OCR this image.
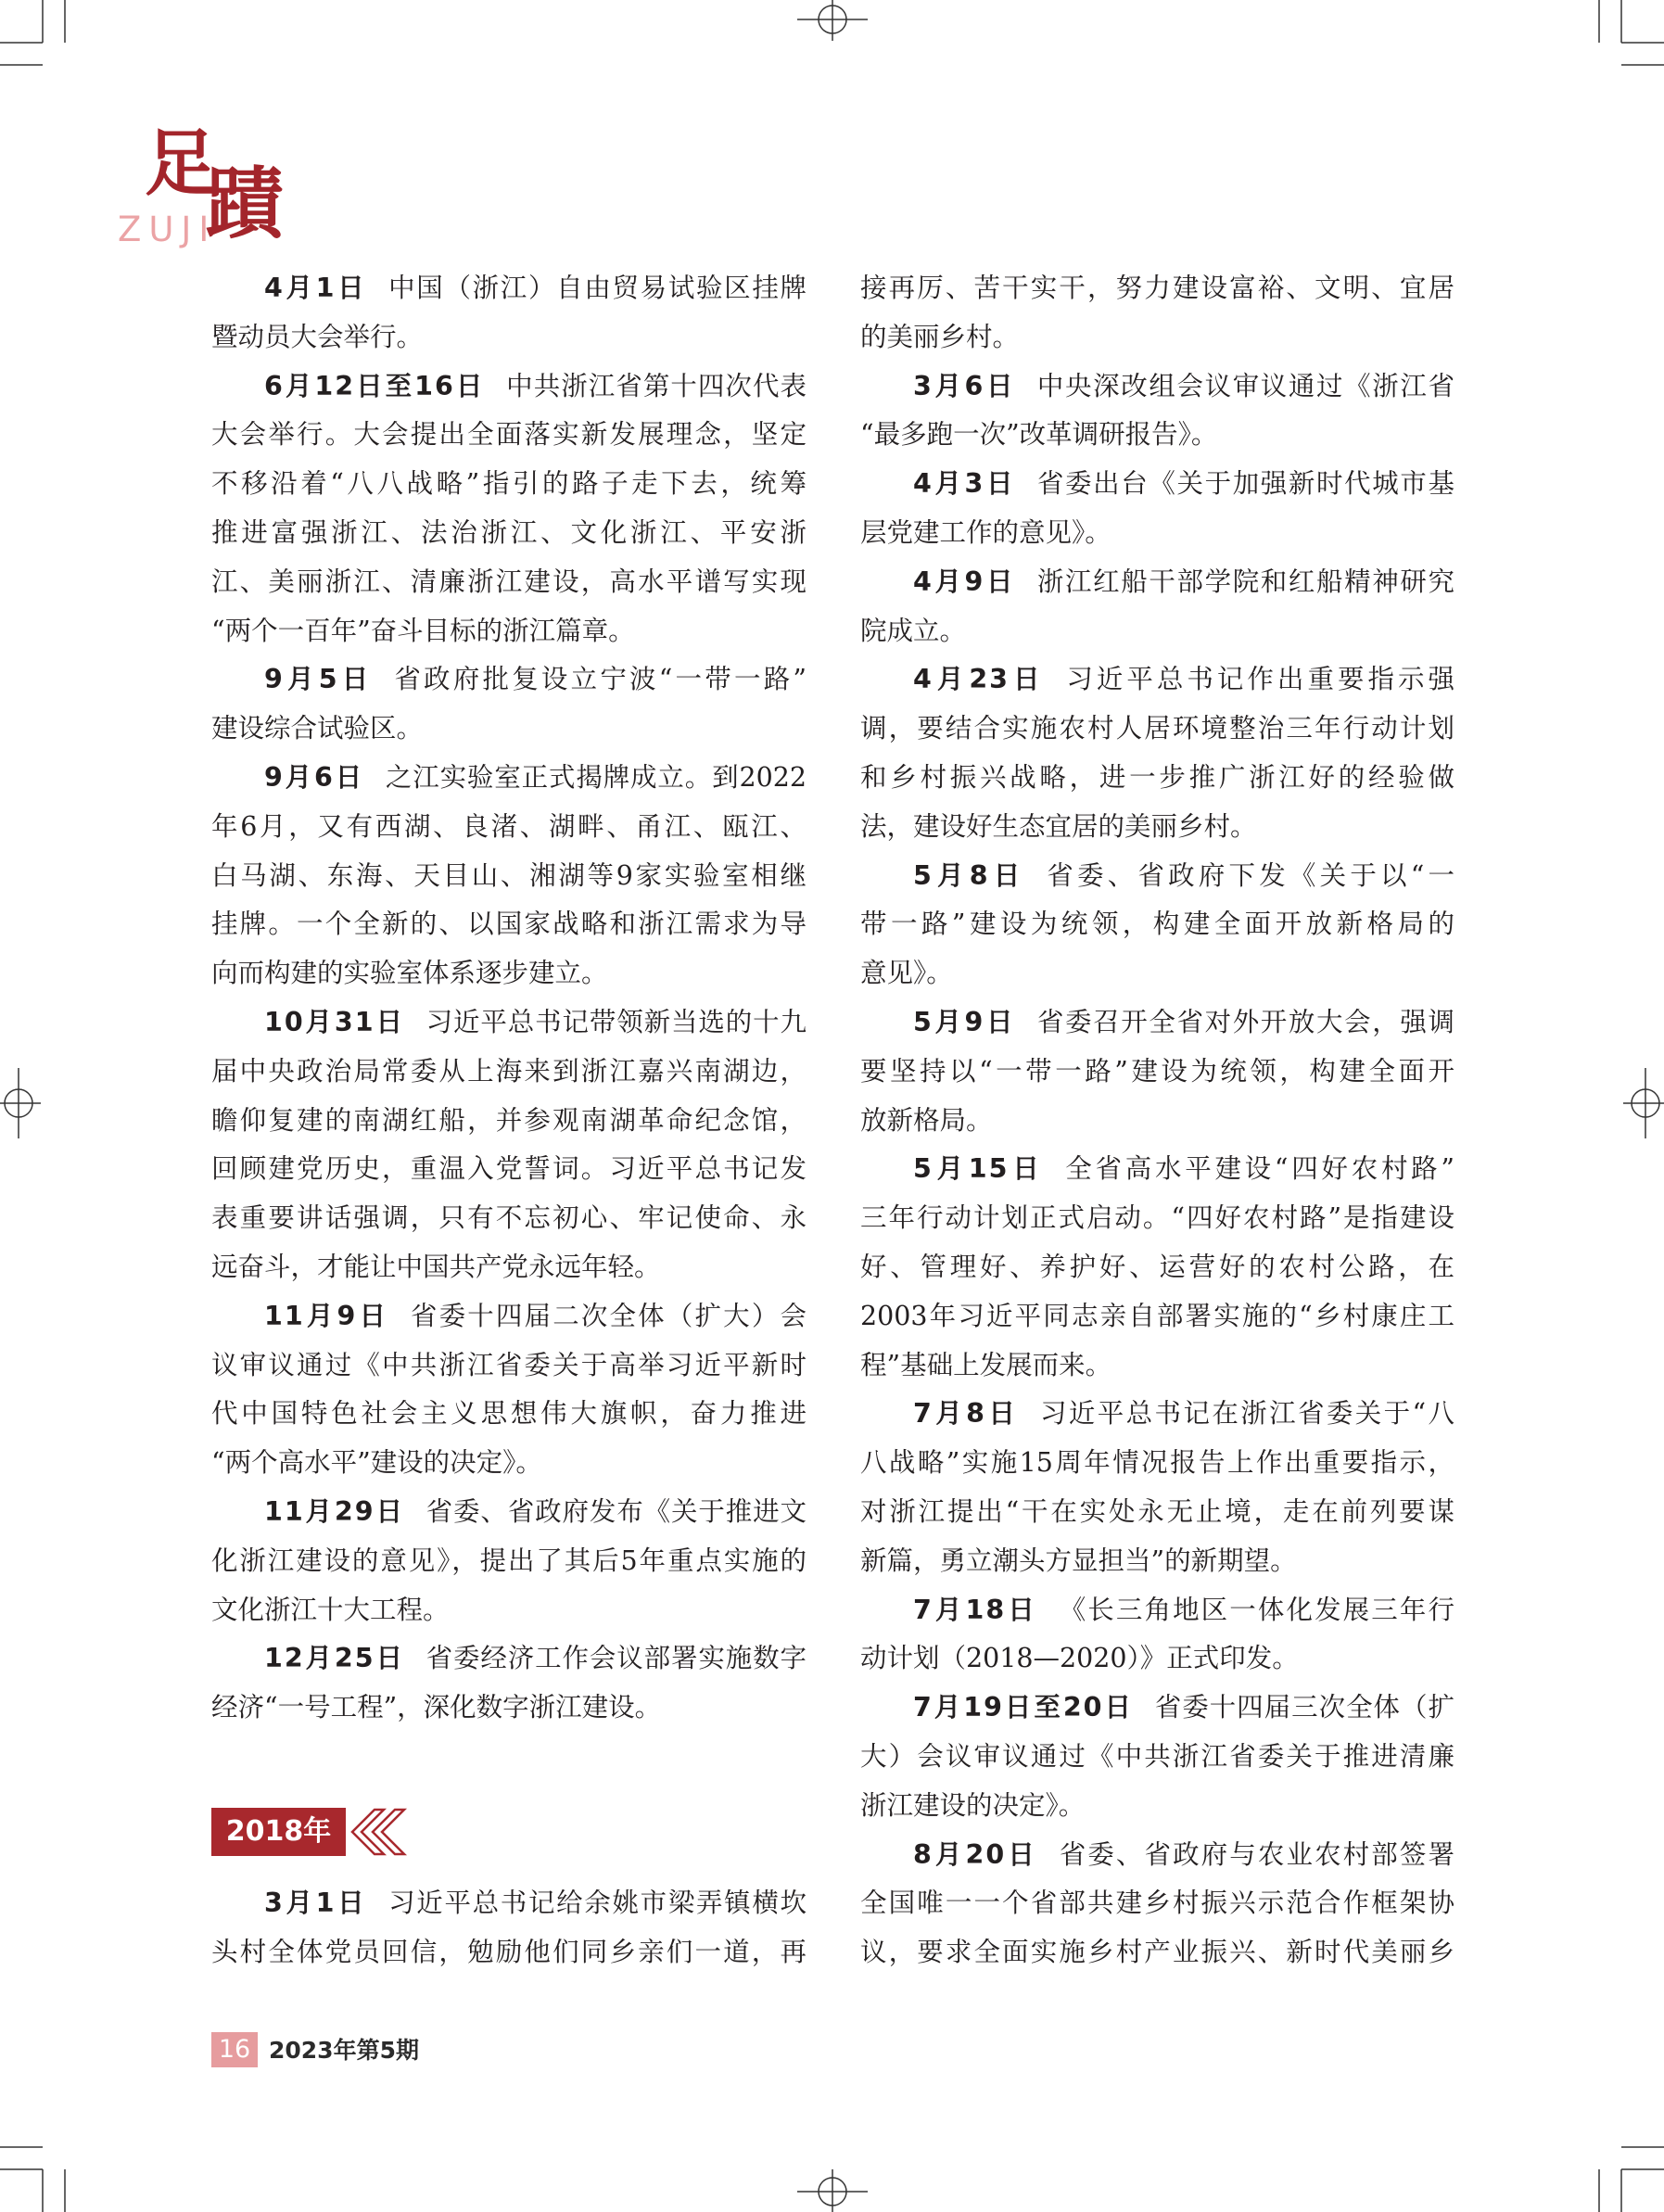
足
蹟
ZUJI
4月1日 中国（浙江）自由贸易试验区挂牌
暨动员大会举行。
6月12日至16日 中共浙江省第十四次代表
大会举行。大会提出全面落实新发展理念，坚定
不移沿着“八八战略”指引的路子走下去，统筹
推进富强浙江、法治浙江、文化浙江、平安浙
江、美丽浙江、清廉浙江建设，高水平谱写实现
“两个一百年”奋斗目标的浙江篇章。
9月5日 省政府批复设立宁波“一带一路”
建设综合试验区。
9月6日 之江实验室正式揭牌成立。到2022
年6月，又有西湖、良渚、湖畔、甬江、瓯江、
白马湖、东海、天目山、湘湖等9家实验室相继
挂牌。一个全新的、以国家战略和浙江需求为导
向而构建的实验室体系逐步建立。
10月31日 习近平总书记带领新当选的十九
届中央政治局常委从上海来到浙江嘉兴南湖边，
瞻仰复建的南湖红船，并参观南湖革命纪念馆，
回顾建党历史，重温入党誓词。习近平总书记发
表重要讲话强调，只有不忘初心、牢记使命、永
远奋斗，才能让中国共产党永远年轻。
11月9日 省委十四届二次全体（扩大）会
议审议通过《中共浙江省委关于高举习近平新时
代中国特色社会主义思想伟大旗帜，奋力推进
“两个高水平”建设的决定》。
11月29日 省委、省政府发布《关于推进文
化浙江建设的意见》，提出了其后5年重点实施的
文化浙江十大工程。
12月25日 省委经济工作会议部署实施数字
经济“一号工程”，深化数字浙江建设。
2018年
3月1日 习近平总书记给余姚市梁弄镇横坎
头村全体党员回信，勉励他们同乡亲们一道，再
接再厉、苦干实干，努力建设富裕、文明、宜居
的美丽乡村。
3月6日 中央深改组会议审议通过《浙江省
“最多跑一次”改革调研报告》。
4月3日 省委出台《关于加强新时代城市基
层党建工作的意见》。
4月9日 浙江红船干部学院和红船精神研究
院成立。
4月23日 习近平总书记作出重要指示强
调，要结合实施农村人居环境整治三年行动计划
和乡村振兴战略，进一步推广浙江好的经验做
法，建设好生态宜居的美丽乡村。
5月8日 省委、省政府下发《关于以“一
带一路”建设为统领，构建全面开放新格局的
意见》。
5月9日 省委召开全省对外开放大会，强调
要坚持以“一带一路”建设为统领，构建全面开
放新格局。
5月15日 全省高水平建设“四好农村路”
三年行动计划正式启动。“四好农村路”是指建设
好、管理好、养护好、运营好的农村公路，在
2003年习近平同志亲自部署实施的“乡村康庄工
程”基础上发展而来。
7月8日 习近平总书记在浙江省委关于“八
八战略”实施15周年情况报告上作出重要指示，
对浙江提出“干在实处永无止境，走在前列要谋
新篇，勇立潮头方显担当”的新期望。
7月18日 《长三角地区一体化发展三年行
动计划（2018—2020）》正式印发。
7月19日至20日 省委十四届三次全体（扩
大）会议审议通过《中共浙江省委关于推进清廉
浙江建设的决定》。
8月20日 省委、省政府与农业农村部签署
全国唯一一个省部共建乡村振兴示范合作框架协
议，要求全面实施乡村产业振兴、新时代美丽乡
16 2023年第5期
